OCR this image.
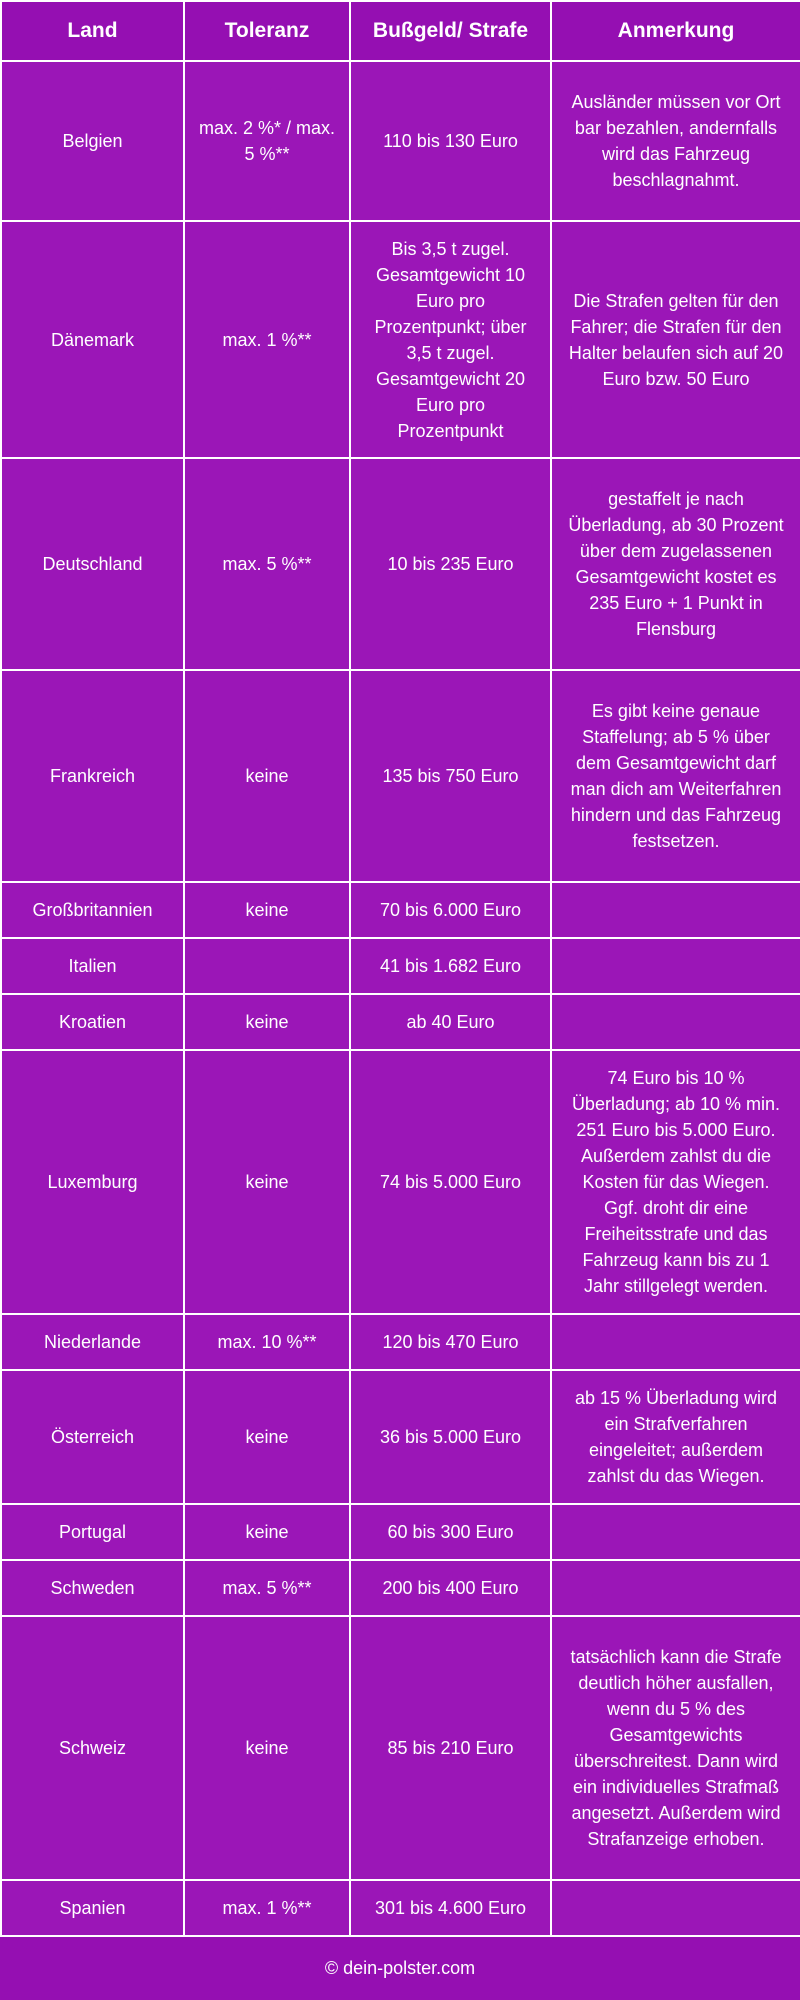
Land	Toleranz	Bußgeld/ Strafe	Anmerkung
Belgien	max. 2 %* / max. 5 %**	110 bis 130 Euro	Ausländer müssen vor Ort bar bezahlen, andernfalls wird das Fahrzeug beschlagnahmt.
Dänemark	max. 1 %**	Bis 3,5 t zugel. Gesamtgewicht 10 Euro pro Prozentpunkt; über 3,5 t zugel. Gesamtgewicht 20 Euro pro Prozentpunkt	Die Strafen gelten für den Fahrer; die Strafen für den Halter belaufen sich auf 20 Euro bzw. 50 Euro
Deutschland	max. 5 %**	10 bis 235 Euro	gestaffelt je nach Überladung, ab 30 Prozent über dem zugelassenen Gesamtgewicht kostet es 235 Euro + 1 Punkt in Flensburg
Frankreich	keine	135 bis 750 Euro	Es gibt keine genaue Staffelung; ab 5 % über dem Gesamtgewicht darf man dich am Weiterfahren hindern und das Fahrzeug festsetzen.
Großbritannien	keine	70 bis 6.000 Euro	
Italien		41 bis 1.682 Euro	
Kroatien	keine	ab 40 Euro	
Luxemburg	keine	74 bis 5.000 Euro	74 Euro bis 10 % Überladung; ab 10 % min. 251 Euro bis 5.000 Euro. Außerdem zahlst du die Kosten für das Wiegen. Ggf. droht dir eine Freiheitsstrafe und das Fahrzeug kann bis zu 1 Jahr stillgelegt werden.
Niederlande	max. 10 %**	120 bis 470 Euro	
Österreich	keine	36 bis 5.000 Euro	ab 15 % Überladung wird ein Strafverfahren eingeleitet; außerdem zahlst du das Wiegen.
Portugal	keine	60 bis 300 Euro	
Schweden	max. 5 %**	200 bis 400 Euro	
Schweiz	keine	85 bis 210 Euro	tatsächlich kann die Strafe deutlich höher ausfallen, wenn du 5 % des Gesamtgewichts überschreitest. Dann wird ein individuelles Strafmaß angesetzt. Außerdem wird Strafanzeige erhoben.
Spanien	max. 1 %**	301 bis 4.600 Euro	
© dein-polster.com
